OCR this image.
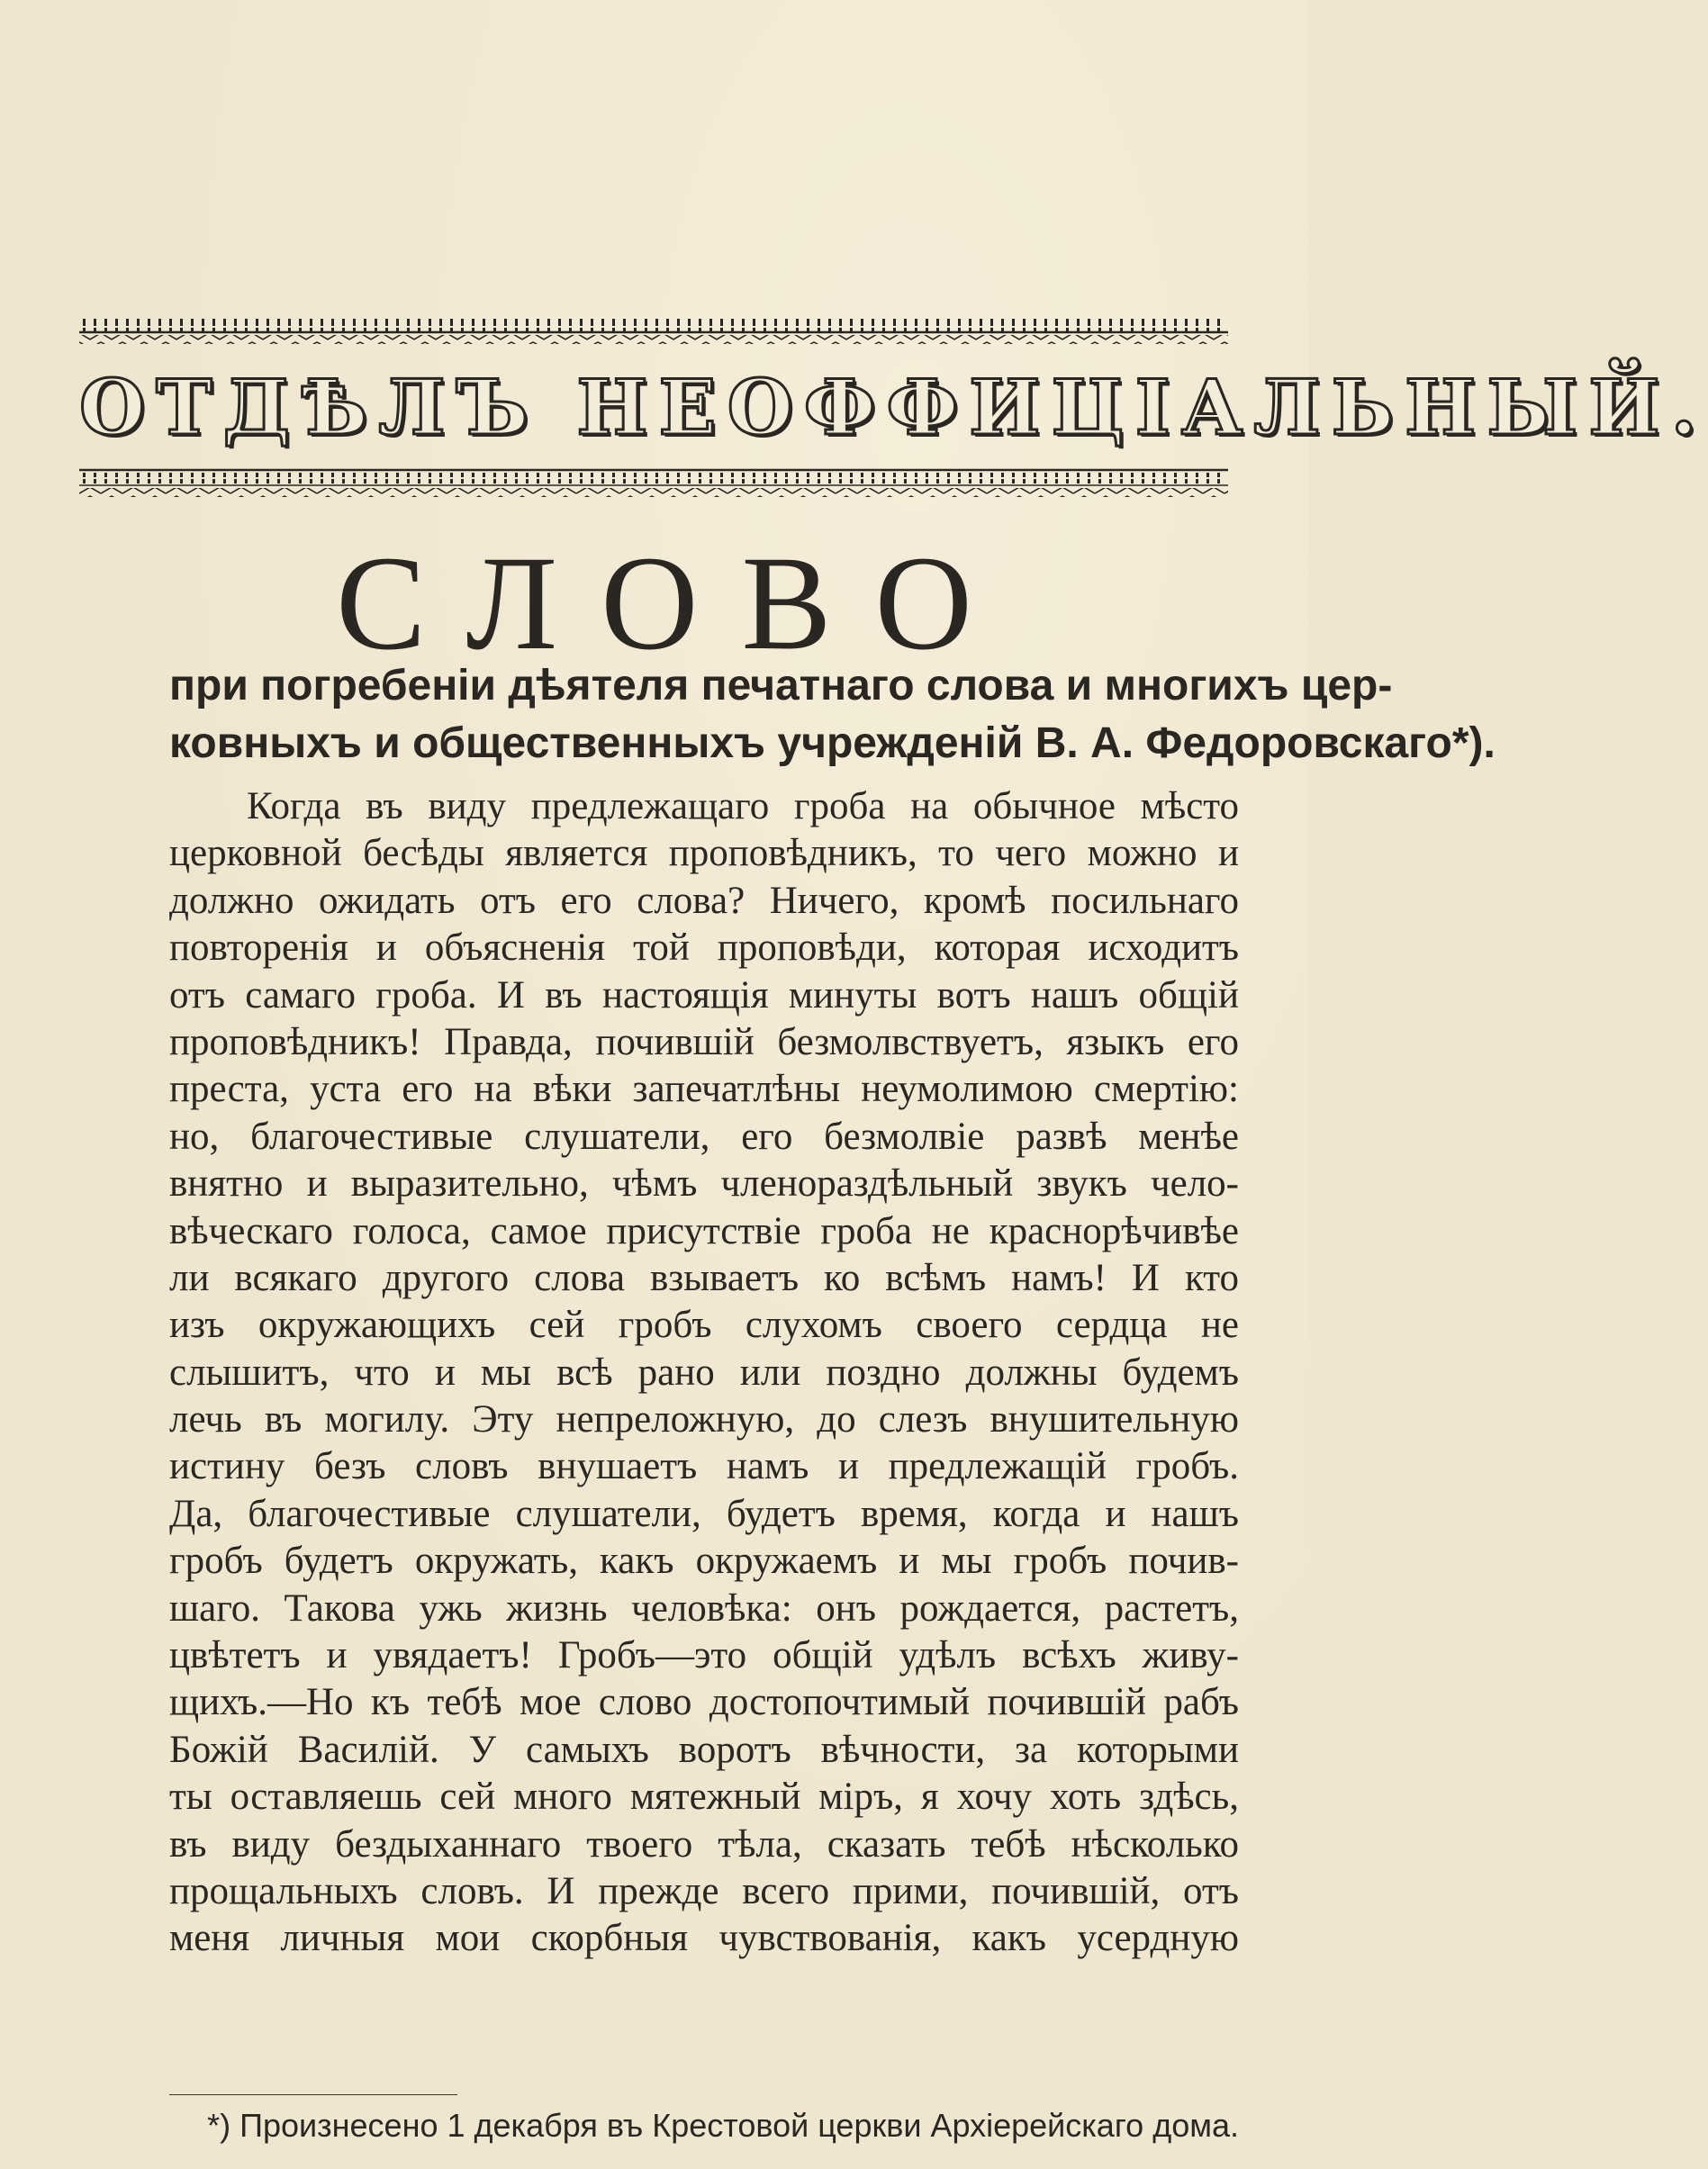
ОТДѢЛЪ НЕОФФИЦІАЛЬНЫЙ.
СЛОВО
при погребеніи дѣятеля печатнаго слова и многихъ цер-
ковныхъ и общественныхъ учрежденій В. А. Федоровскаго*).
Когда въ виду предлежащаго гроба на обычное мѣсто
церковной бесѣды является проповѣдникъ, то чего можно и
должно ожидать отъ его слова? Ничего, кромѣ посильнаго
повторенія и объясненія той проповѣди, которая исходитъ
отъ самаго гроба. И въ настоящія минуты вотъ нашъ общій
проповѣдникъ! Правда, почившій безмолвствуетъ, языкъ его
преста, уста его на вѣки запечатлѣны неумолимою смертію:
но, благочестивые слушатели, его безмолвіе развѣ менѣе
внятно и выразительно, чѣмъ членораздѣльный звукъ чело-
вѣческаго голоса, самое присутствіе гроба не краснорѣчивѣе
ли всякаго другого слова взываетъ ко всѣмъ намъ! И кто
изъ окружающихъ сей гробъ слухомъ своего сердца не
слышитъ, что и мы всѣ рано или поздно должны будемъ
лечь въ могилу. Эту непреложную, до слезъ внушительную
истину безъ словъ внушаетъ намъ и предлежащій гробъ.
Да, благочестивые слушатели, будетъ время, когда и нашъ
гробъ будетъ окружать, какъ окружаемъ и мы гробъ почив-
шаго. Такова ужь жизнь человѣка: онъ рождается, растетъ,
цвѣтетъ и увядаетъ! Гробъ—это общій удѣлъ всѣхъ живу-
щихъ.—Но къ тебѣ мое слово достопочтимый почившій рабъ
Божій Василій. У самыхъ воротъ вѣчности, за которыми
ты оставляешь сей много мятежный міръ, я хочу хоть здѣсь,
въ виду бездыханнаго твоего тѣла, сказать тебѣ нѣсколько
прощальныхъ словъ. И прежде всего прими, почившій, отъ
меня личныя мои скорбныя чувствованія, какъ усердную
*) Произнесено 1 декабря въ Крестовой церкви Архіерейскаго дома.
